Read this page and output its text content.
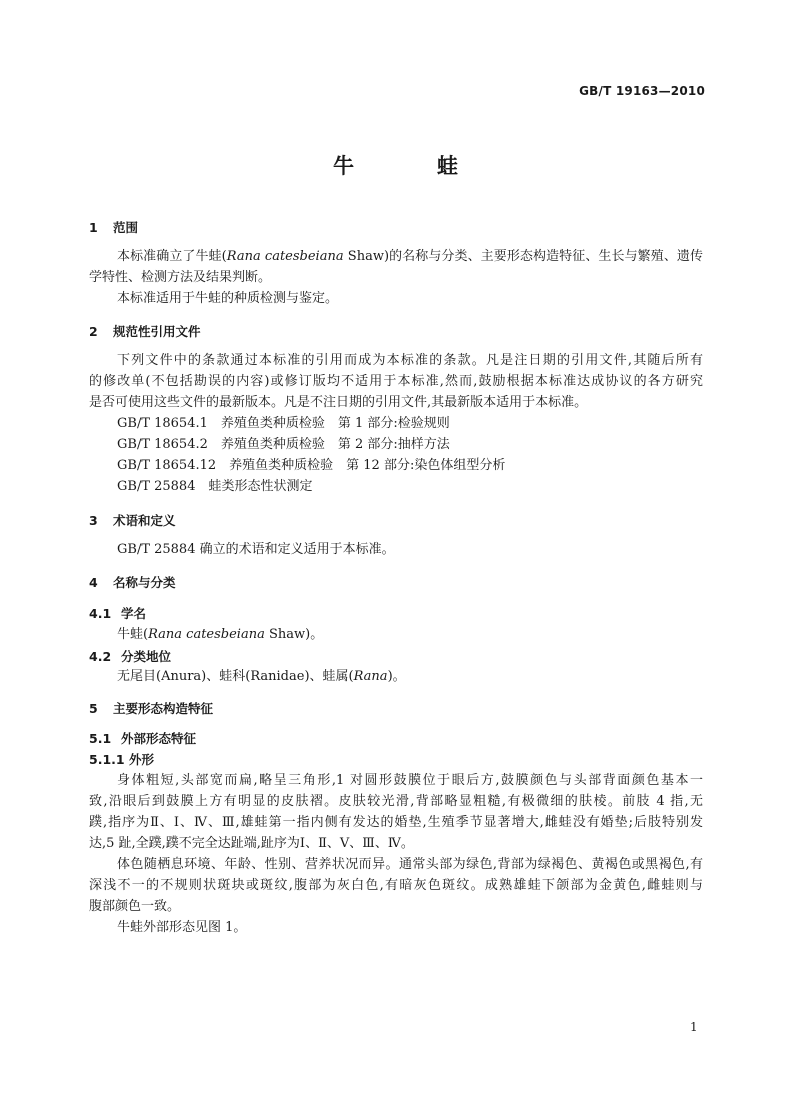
GB/T 19163—2010
牛	蛙
1 范围
本标准确立了牛蛙(Rana catesbeiana Shaw)的名称与分类、主要形态构造特征、生长与繁殖、遗传
学特性、检测方法及结果判断。
本标准适用于牛蛙的种质检测与鉴定。
2 规范性引用文件
下列文件中的条款通过本标准的引用而成为本标准的条款。凡是注日期的引用文件,其随后所有
的修改单(不包括勘误的内容)或修订版均不适用于本标准,然而,鼓励根据本标准达成协议的各方研究
是否可使用这些文件的最新版本。凡是不注日期的引用文件,其最新版本适用于本标准。
GB/T 18654.1　养殖鱼类种质检验　第 1 部分:检验规则
GB/T 18654.2　养殖鱼类种质检验　第 2 部分:抽样方法
GB/T 18654.12　养殖鱼类种质检验　第 12 部分:染色体组型分析
GB/T 25884　蛙类形态性状测定
3 术语和定义
GB/T 25884 确立的术语和定义适用于本标准。
4 名称与分类
4.1 学名
牛蛙(Rana catesbeiana Shaw)。
4.2 分类地位
无尾目(Anura)、蛙科(Ranidae)、蛙属(Rana)。
5 主要形态构造特征
5.1 外部形态特征
5.1.1 外形
身体粗短,头部宽而扁,略呈三角形,1 对圆形鼓膜位于眼后方,鼓膜颜色与头部背面颜色基本一
致,沿眼后到鼓膜上方有明显的皮肤褶。皮肤较光滑,背部略显粗糙,有极微细的肤棱。前肢 4 指,无
蹼,指序为Ⅱ、Ⅰ、Ⅳ、Ⅲ,雄蛙第一指内侧有发达的婚垫,生殖季节显著增大,雌蛙没有婚垫;后肢特别发
达,5 趾,全蹼,蹼不完全达趾端,趾序为Ⅰ、Ⅱ、Ⅴ、Ⅲ、Ⅳ。
体色随栖息环境、年龄、性别、营养状况而异。通常头部为绿色,背部为绿褐色、黄褐色或黑褐色,有
深浅不一的不规则状斑块或斑纹,腹部为灰白色,有暗灰色斑纹。成熟雄蛙下颌部为金黄色,雌蛙则与
腹部颜色一致。
牛蛙外部形态见图 1。
1
